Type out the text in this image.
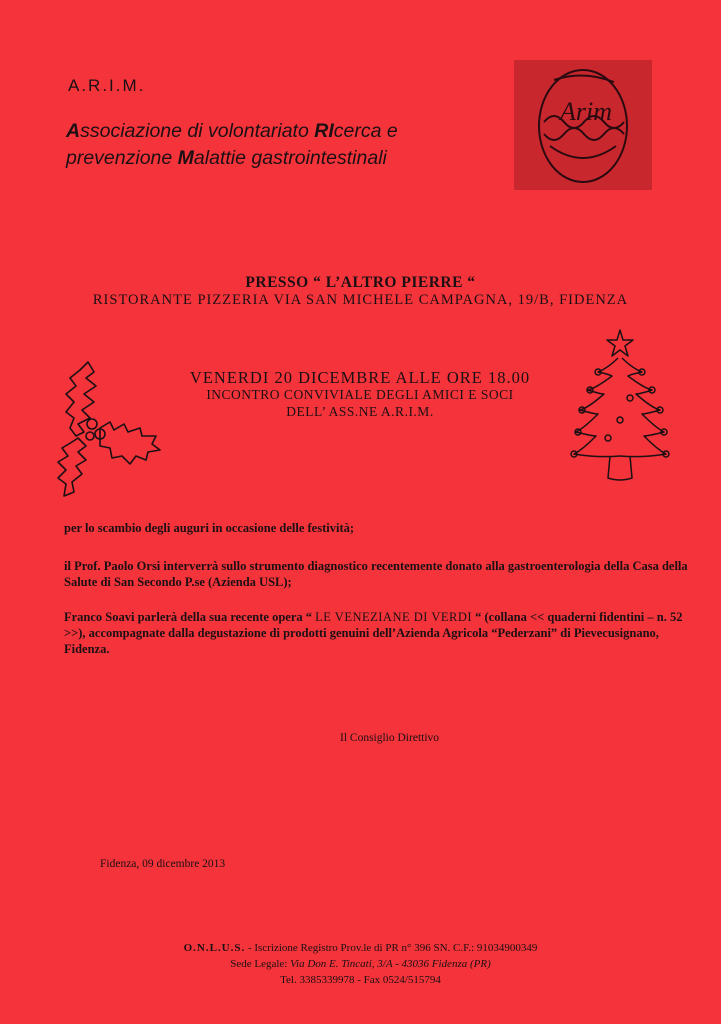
A.R.I.M.
Associazione di volontariato RIcerca e
prevenzione Malattie gastrointestinali
Arim
PRESSO “ L’ALTRO PIERRE “
RISTORANTE PIZZERIA VIA SAN MICHELE CAMPAGNA, 19/B, FIDENZA
VENERDI 20 DICEMBRE ALLE ORE 18.00
INCONTRO CONVIVIALE DEGLI AMICI E SOCI
DELL’ ASS.NE A.R.I.M.
per lo scambio degli auguri in occasione delle festività;
il Prof. Paolo Orsi interverrà sullo strumento diagnostico recentemente donato alla gastroenterologia della Casa della Salute di San Secondo P.se (Azienda USL);
Franco Soavi parlerà della sua recente opera “ LE VENEZIANE DI VERDI “ (collana << quaderni fidentini – n. 52 >>), accompagnate dalla degustazione di prodotti genuini dell’Azienda Agricola “Pederzani” di Pievecusignano, Fidenza.
Il Consiglio Direttivo
Fidenza, 09 dicembre 2013
O.N.L.U.S. - Iscrizione Registro Prov.le di PR n° 396 SN. C.F.: 91034900349
Sede Legale: Via Don E. Tincati, 3/A - 43036 Fidenza (PR)
Tel. 3385339978 - Fax 0524/515794
